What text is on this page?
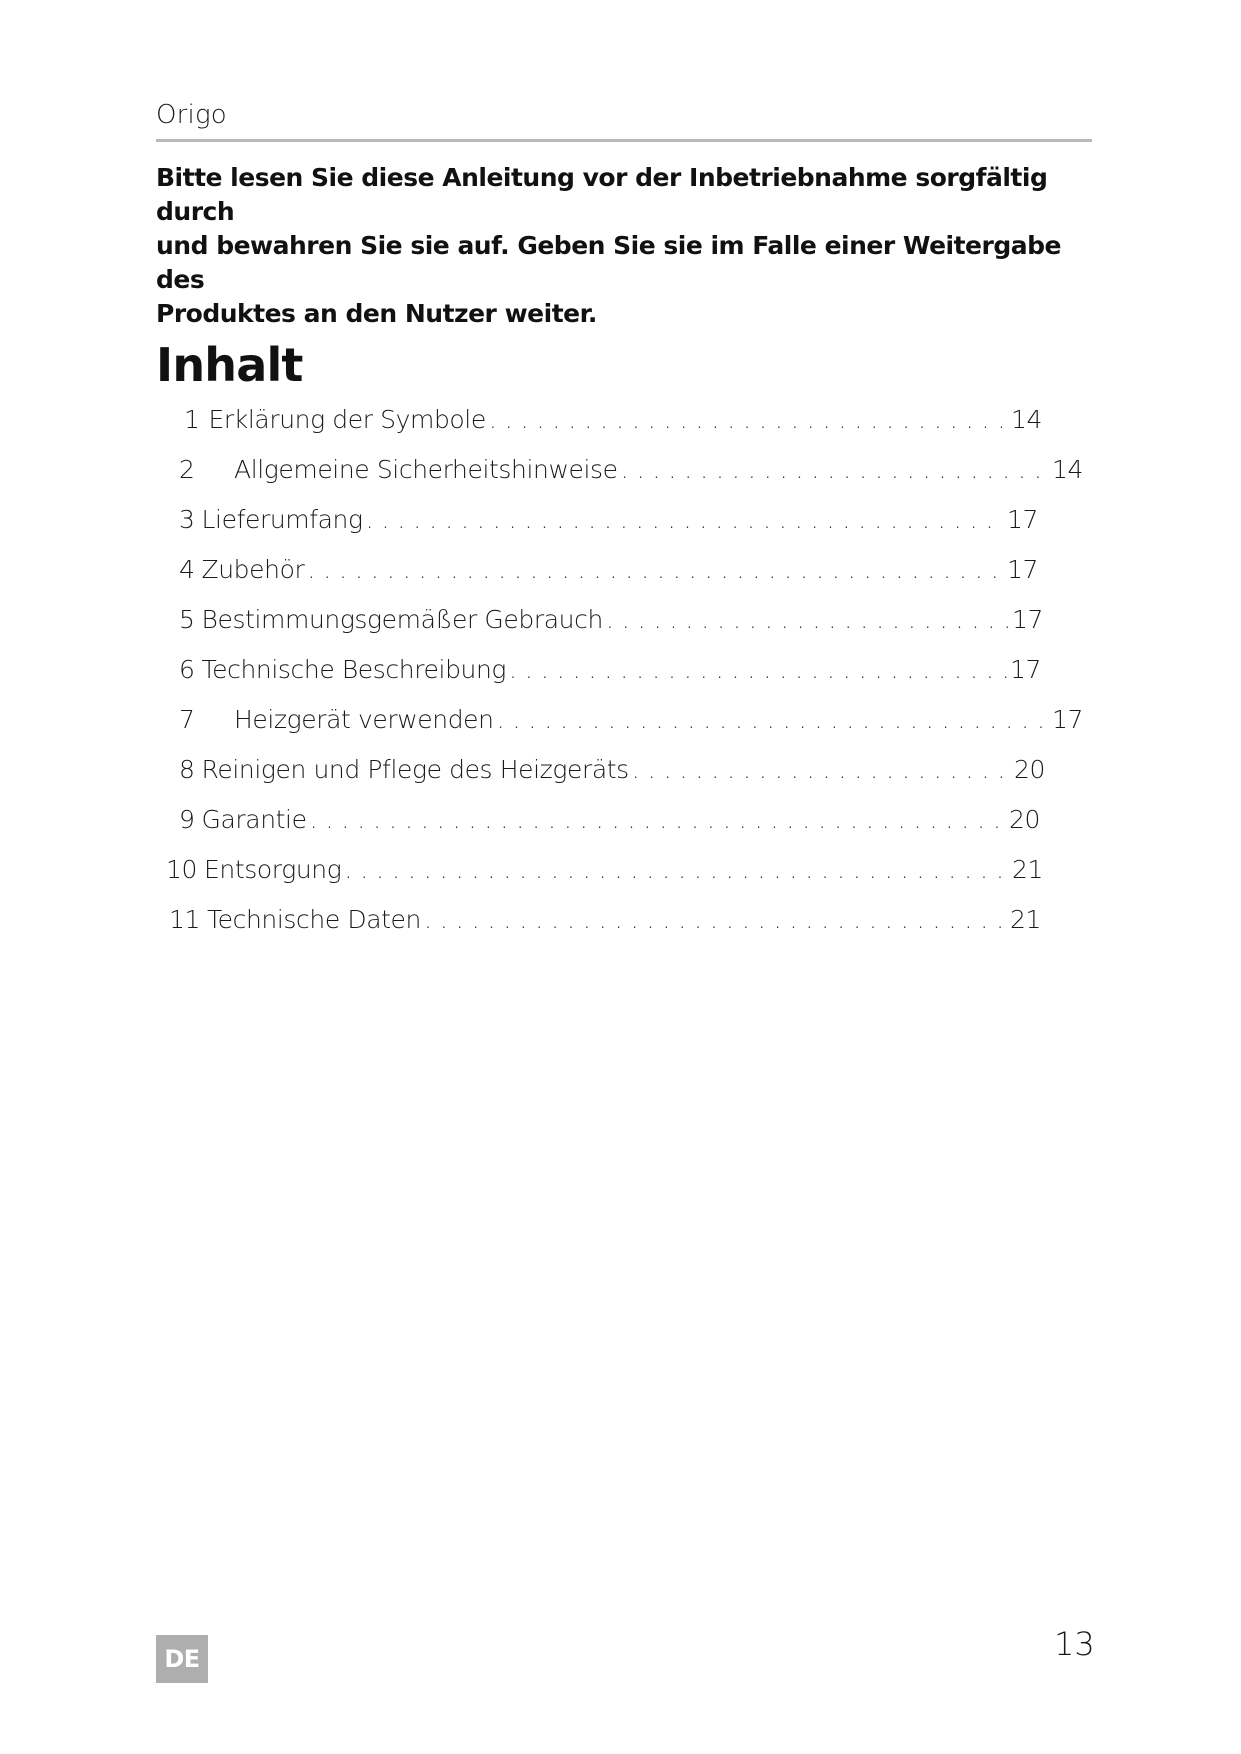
Origo

Bitte lesen Sie diese Anleitung vor der Inbetriebnahme sorgfältig durch

und bewahren Sie sie auf. Geben Sie sie im Falle einer Weitergabe des

Produktes an den Nutzer weiter.

Inhalt
1 Erklärung der Symbole . . .	14
2	Allgemeine Sicherheitshinweise . . .	14
3 Lieferumfang . . .	17
4 Zubehör . . .	17
5 Bestimmungsgemäßer Gebrauch . . .	17
6 Technische Beschreibung . . .	17
7	Heizgerät verwenden . . .	17
8 Reinigen und Pflege des Heizgeräts . . .	20
9 Garantie . . .	20
10 Entsorgung . . .	21
11 Technische Daten . . .	21
DE	13
